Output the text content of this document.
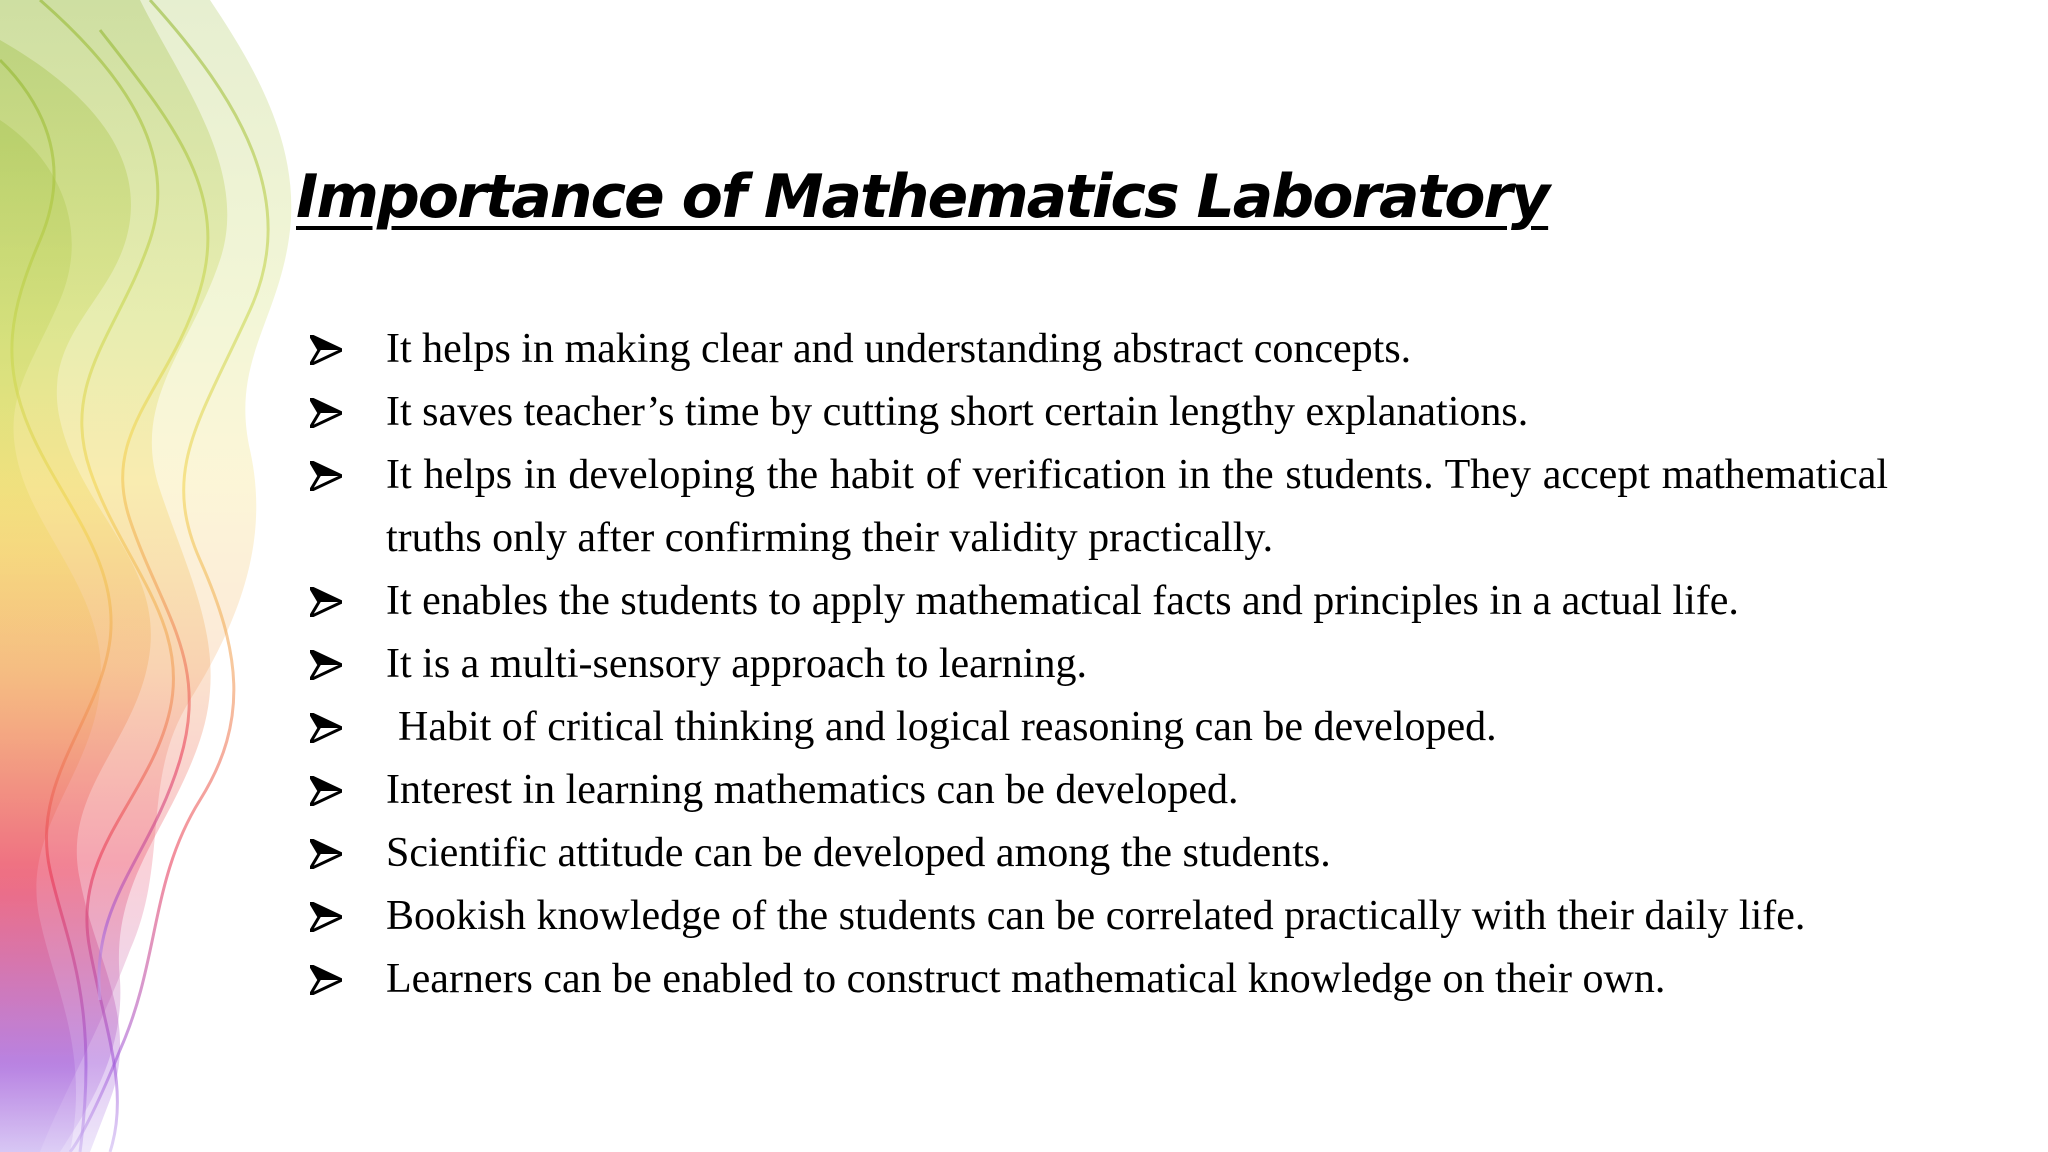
Importance of Mathematics Laboratory
It helps in making clear and understanding abstract concepts.
It saves teacher’s time by cutting short certain lengthy explanations.
It helps in developing the habit of verification in the students. They accept mathematical truths only after confirming their validity practically.
It enables the students to apply mathematical facts and principles in a actual life.
It is a multi-sensory approach to learning.
Habit of critical thinking and logical reasoning can be developed.
Interest in learning mathematics can be developed.
Scientific attitude can be developed among the students.
Bookish knowledge of the students can be correlated practically with their daily life.
Learners can be enabled to construct mathematical knowledge on their own.
